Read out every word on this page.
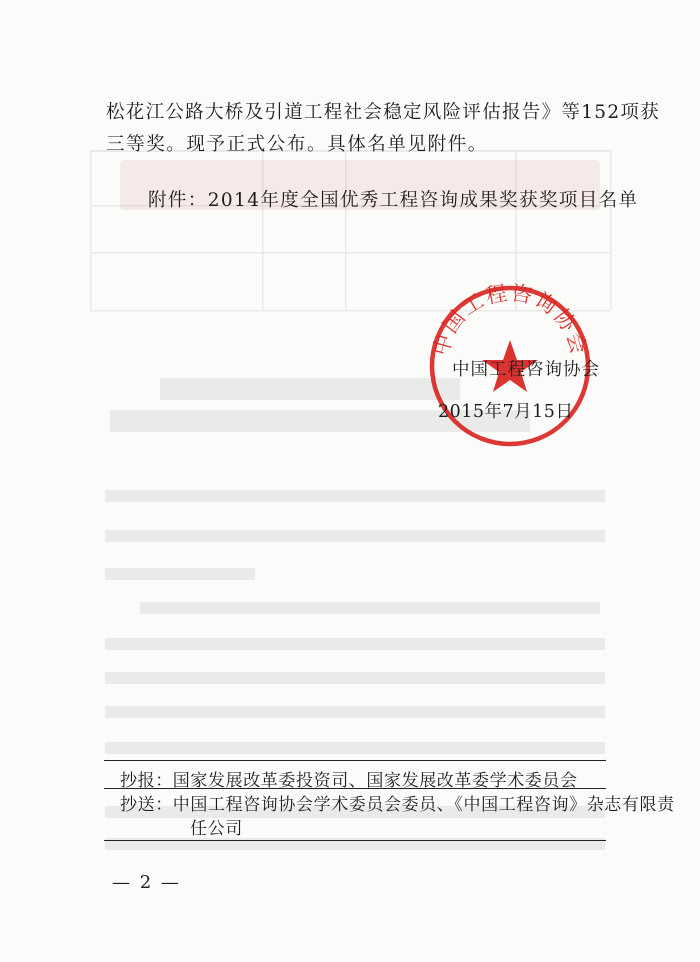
松花江公路大桥及引道工程社会稳定风险评估报告》等152项获
三等奖。现予正式公布。具体名单见附件。
附件：2014年度全国优秀工程咨询成果奖获奖项目名单
中国工程咨询协会
中国工程咨询协会
2015年7月15日
抄报：国家发展改革委投资司、国家发展改革委学术委员会
抄送：中国工程咨询协会学术委员会委员、《中国工程咨询》杂志有限责
任公司
— 2 —
